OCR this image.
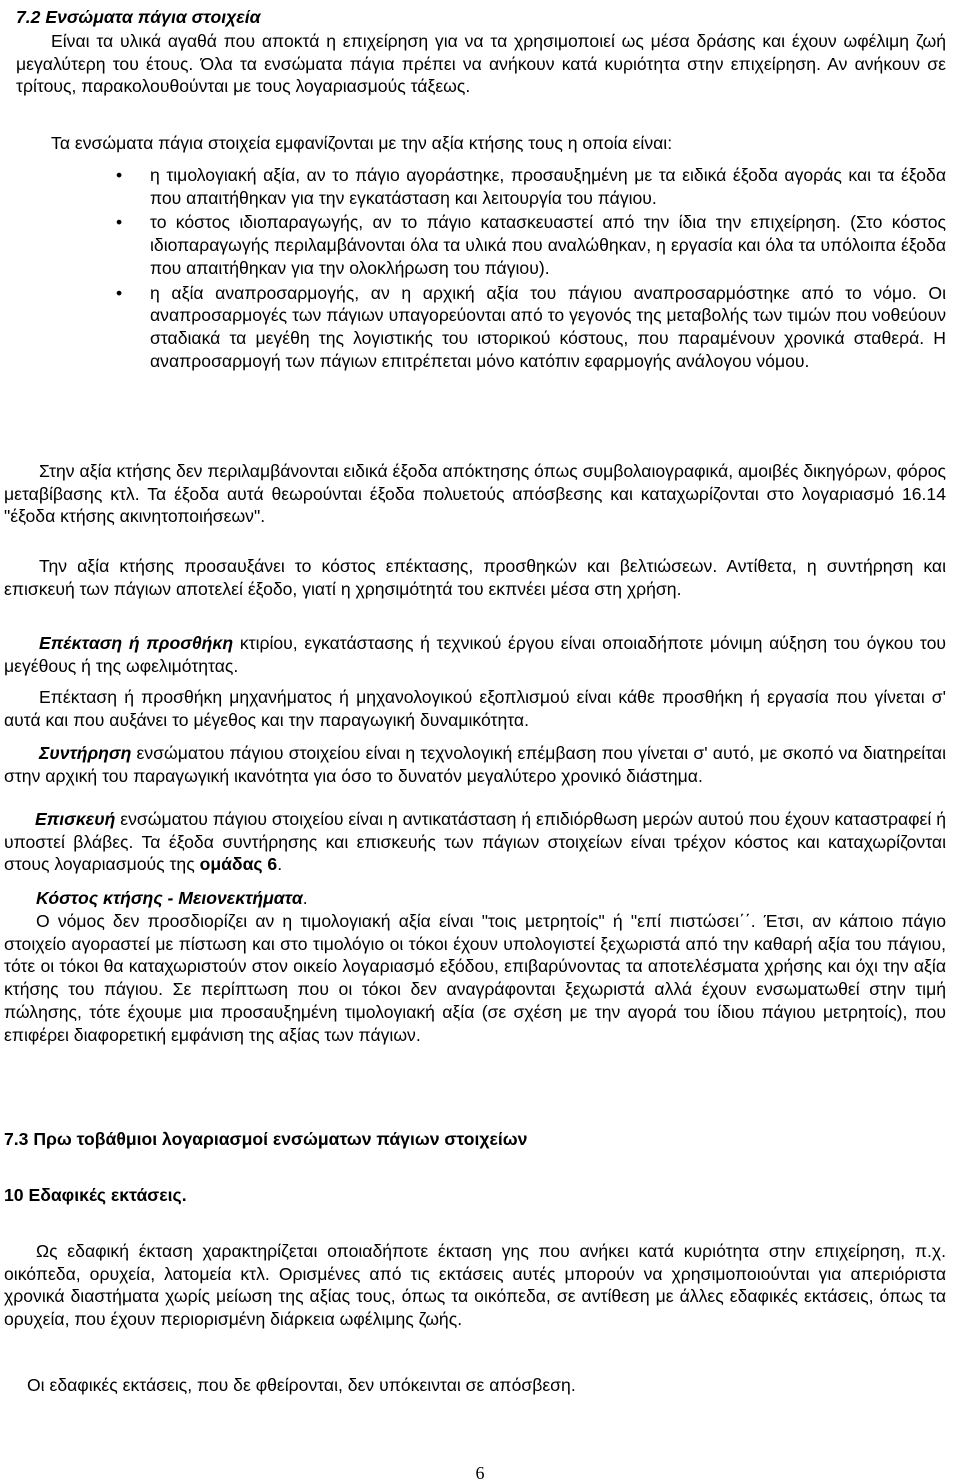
7.2 Ενσώματα πάγια στοιχεία

Είναι τα υλικά αγαθά που αποκτά η επιχείρηση για να τα χρησιμοποιεί ως μέσα δράσης και έχουν ωφέλιμη ζωή μεγαλύτερη του έτους. Όλα τα ενσώματα πάγια πρέπει να ανήκουν κατά κυριότητα στην επιχείρηση. Αν ανήκουν σε τρίτους, παρακολουθούνται με τους λογαριασμούς τάξεως.

Τα ενσώματα πάγια στοιχεία εμφανίζονται με την αξία κτήσης τους η οποία είναι:

• η τιμολογιακή αξία, αν το πάγιο αγοράστηκε, προσαυξημένη με τα ειδικά έξοδα αγοράς και τα έξοδα που απαιτήθηκαν για την εγκατάσταση και λειτουργία του πάγιου.
• το κόστος ιδιοπαραγωγής, αν το πάγιο κατασκευαστεί από την ίδια την επιχείρηση. (Στο κόστος ιδιοπαραγωγής περιλαμβάνονται όλα τα υλικά που αναλώθηκαν, η εργασία και όλα τα υπόλοιπα έξοδα που απαιτήθηκαν για την ολοκλήρωση του πάγιου).
• η αξία αναπροσαρμογής, αν η αρχική αξία του πάγιου αναπροσαρμόστηκε από το νόμο. Οι αναπροσαρμογές των πάγιων υπαγορεύονται από το γεγονός της μεταβολής των τιμών που νοθεύουν σταδιακά τα μεγέθη της λογιστικής του ιστορικού κόστους, που παραμένουν χρονικά σταθερά. Η αναπροσαρμογή των πάγιων επιτρέπεται μόνο κατόπιν εφαρμογής ανάλογου νόμου.

Στην αξία κτήσης δεν περιλαμβάνονται ειδικά έξοδα απόκτησης όπως συμβολαιογραφικά, αμοιβές δικηγόρων, φόρος μεταβίβασης κτλ. Τα έξοδα αυτά θεωρούνται έξοδα πολυετούς απόσβεσης και καταχωρίζονται στο λογαριασμό 16.14 "έξοδα κτήσης ακινητοποιήσεων".

Την αξία κτήσης προσαυξάνει το κόστος επέκτασης, προσθηκών και βελτιώσεων. Αντίθετα, η συντήρηση και επισκευή των πάγιων αποτελεί έξοδο, γιατί η χρησιμότητά του εκπνέει μέσα στη χρήση.

Επέκταση ή προσθήκη κτιρίου, εγκατάστασης ή τεχνικού έργου είναι οποιαδήποτε μόνιμη αύξηση του όγκου του μεγέθους ή της ωφελιμότητας.

Επέκταση ή προσθήκη μηχανήματος ή μηχανολογικού εξοπλισμού είναι κάθε προσθήκη ή εργασία που γίνεται σ' αυτά και που αυξάνει το μέγεθος και την παραγωγική δυναμικότητα.

Συντήρηση ενσώματου πάγιου στοιχείου είναι η τεχνολογική επέμβαση που γίνεται σ' αυτό, με σκοπό να διατηρείται στην αρχική του παραγωγική ικανότητα για όσο το δυνατόν μεγαλύτερο χρονικό διάστημα.

Επισκευή ενσώματου πάγιου στοιχείου είναι η αντικατάσταση ή επιδιόρθωση μερών αυτού που έχουν καταστραφεί ή υποστεί βλάβες. Τα έξοδα συντήρησης και επισκευής των πάγιων στοιχείων είναι τρέχον κόστος και καταχωρίζονται στους λογαριασμούς της ομάδας 6.

Κόστος κτήσης - Μειονεκτήματα.

Ο νόμος δεν προσδιορίζει αν η τιμολογιακή αξία είναι "τοις μετρητοίς" ή "επί πιστώσει΄΄. Έτσι, αν κάποιο πάγιο στοιχείο αγοραστεί με πίστωση και στο τιμολόγιο οι τόκοι έχουν υπολογιστεί ξεχωριστά από την καθαρή αξία του πάγιου, τότε οι τόκοι θα καταχωριστούν στον οικείο λογαριασμό εξόδου, επιβαρύνοντας τα αποτελέσματα χρήσης και όχι την αξία κτήσης του πάγιου. Σε περίπτωση που οι τόκοι δεν αναγράφονται ξεχωριστά αλλά έχουν ενσωματωθεί στην τιμή πώλησης, τότε έχουμε μια προσαυξημένη τιμολογιακή αξία (σε σχέση με την αγορά του ίδιου πάγιου μετρητοίς), που επιφέρει διαφορετική εμφάνιση της αξίας των πάγιων.

7.3 Πρω τοβάθμιοι λογαριασμοί ενσώματων πάγιων στοιχείων
10 Εδαφικές εκτάσεις.

Ως εδαφική έκταση χαρακτηρίζεται οποιαδήποτε έκταση γης που ανήκει κατά κυριότητα στην επιχείρηση, π.χ. οικόπεδα, ορυχεία, λατομεία κτλ. Ορισμένες από τις εκτάσεις αυτές μπορούν να χρησιμοποιούνται για απεριόριστα χρονικά διαστήματα χωρίς μείωση της αξίας τους, όπως τα οικόπεδα, σε αντίθεση με άλλες εδαφικές εκτάσεις, όπως τα ορυχεία, που έχουν περιορισμένη διάρκεια ωφέλιμης ζωής.

Οι εδαφικές εκτάσεις, που δε φθείρονται, δεν υπόκεινται σε απόσβεση.

6
